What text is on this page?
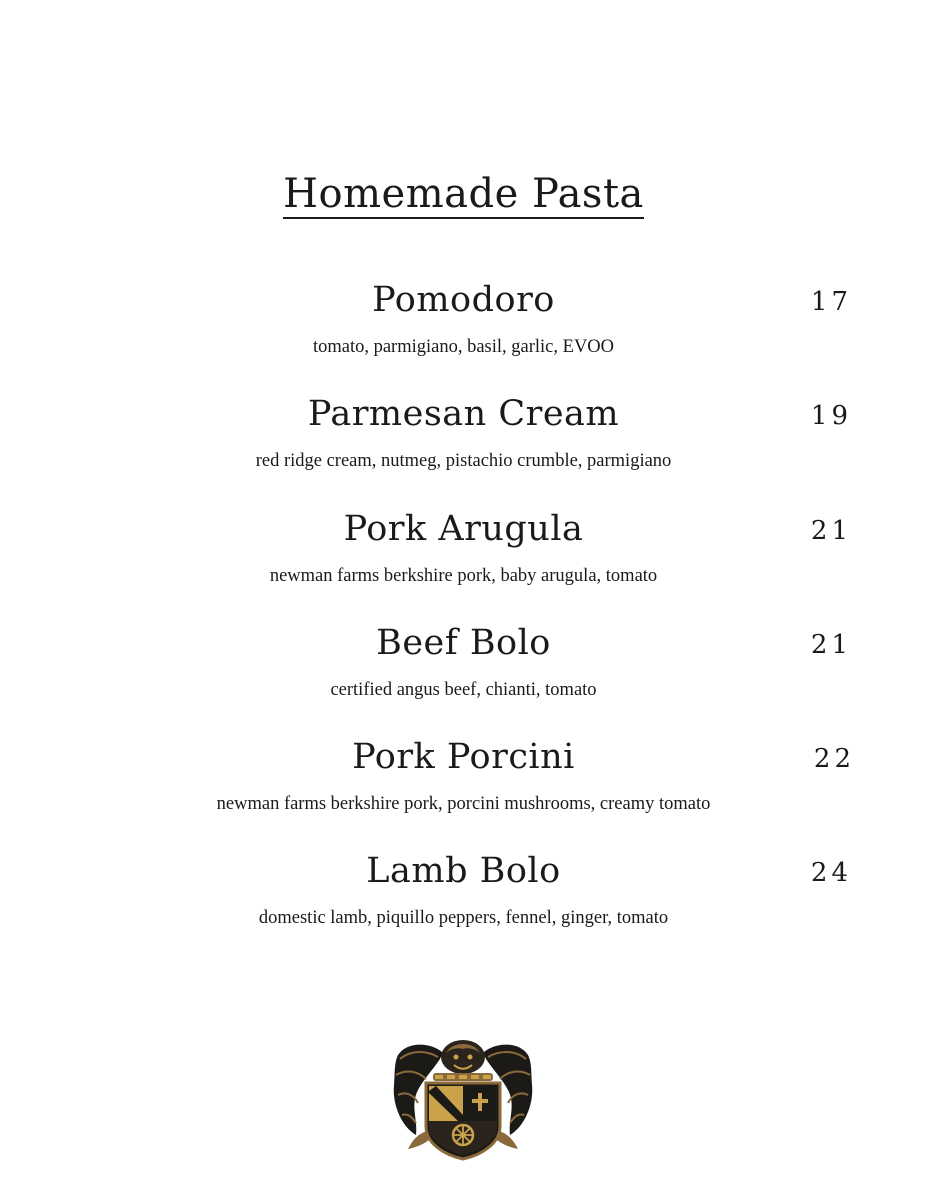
Homemade Pasta
Pomodoro	17
tomato, parmigiano, basil, garlic, EVOO
Parmesan Cream	19
red ridge cream, nutmeg, pistachio crumble, parmigiano
Pork Arugula	21
newman farms berkshire pork, baby arugula, tomato
Beef Bolo	21
certified angus beef, chianti, tomato
Pork Porcini	22
newman farms berkshire pork, porcini mushrooms, creamy tomato
Lamb Bolo	24
domestic lamb, piquillo peppers, fennel, ginger, tomato
